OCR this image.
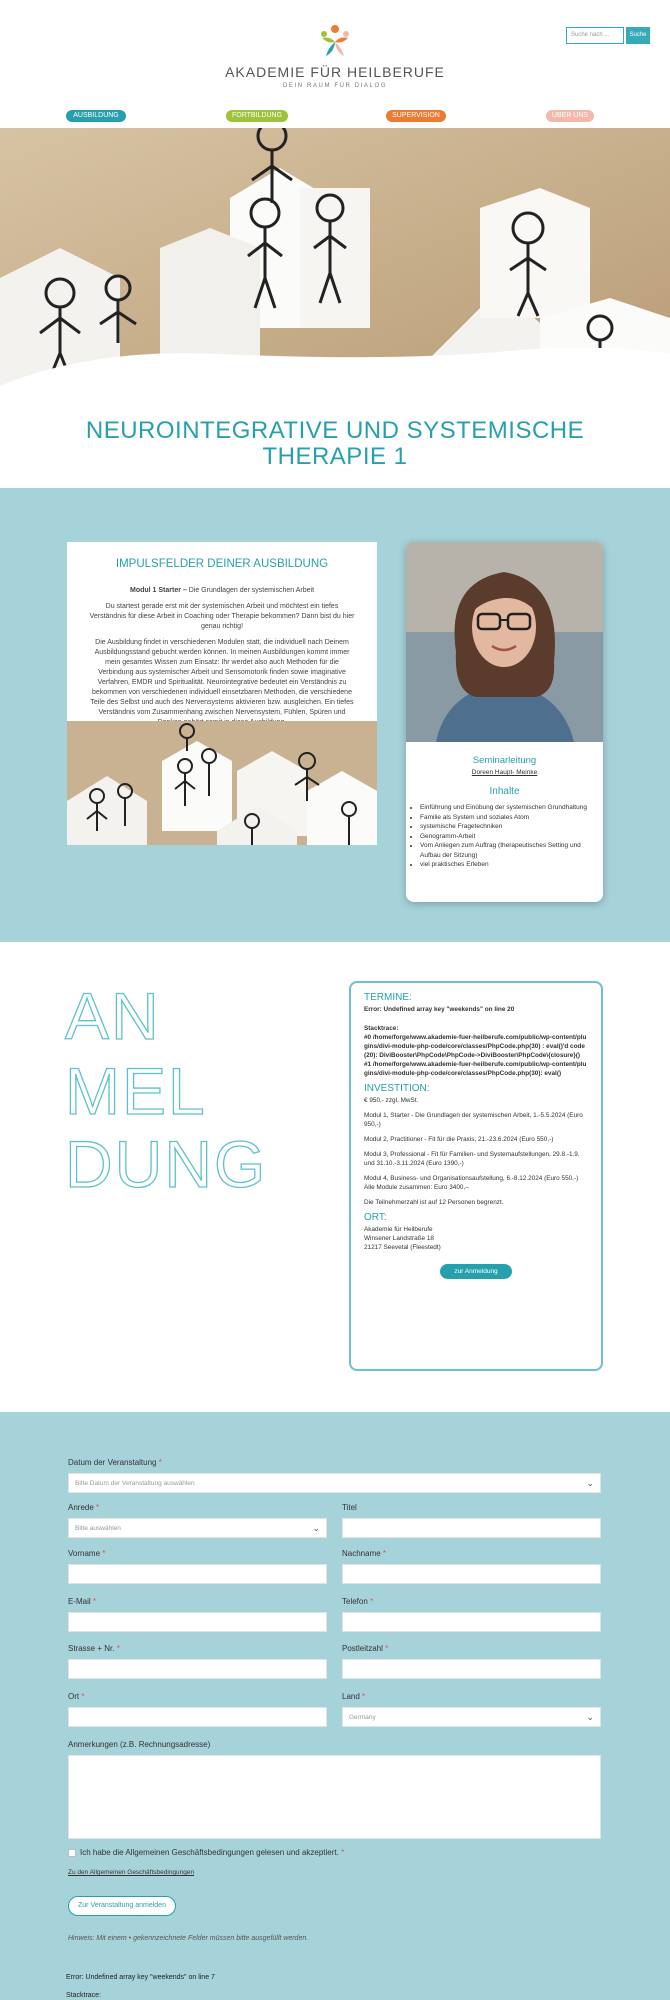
AKADEMIE FÜR HEILBERUFE
DEIN RAUM FÜR DIALOG
Suche nach ...	Suche
AUSBILDUNG	FORTBILDUNG	SUPERVISION	ÜBER UNS
NEUROINTEGRATIVE UND SYSTEMISCHE
THERAPIE 1
IMPULSFELDER DEINER AUSBILDUNG

Modul 1 Starter – Die Grundlagen der systemischen Arbeit

Du startest gerade erst mit der systemischen Arbeit und möchtest ein tiefes Verständnis für diese Arbeit in Coaching oder Therapie bekommen? Dann bist du hier genau richtig!

Die Ausbildung findet in verschiedenen Modulen statt, die individuell nach Deinem Ausbildungsstand gebucht werden können. In meinen Ausbildungen kommt immer mein gesamtes Wissen zum Einsatz: Ihr werdet also auch Methoden für die Verbindung aus systemischer Arbeit und Sensomotorik finden sowie imaginative Verfahren, EMDR und Spiritualität. Neurointegrative bedeutet ein Verständnis zu bekommen von verschiedenen individuell einsetzbaren Methoden, die verschiedene Teile des Selbst und auch des Nervensystems aktivieren bzw. ausgleichen. Ein tiefes Verständnis vom Zusammenhang zwischen Nervensystem, Fühlen, Spüren und

Seminarleitung
Doreen Haupt- Meinke
Inhalte
• Einführung und Einübung der systemischen Grundhaltung
• Familie als System und soziales Atom
• systemische Fragetechniken
• Genogramm-Arbeit
• Vom Anliegen zum Auftrag (therapeutisches Setting und Aufbau der Sitzung)
• viel praktisches Erleben
AN
MEL
DUNG
TERMINE:

Error: Undefined array key "weekends" on line 20

Stacktrace:

#0 /home/forge/www.akademie-fuer-heilberufe.com/public/wp-content/plugins/divi-module-php-code/core/classes/PhpCode.php(30) : eval()'d code(20): DiviBooster\PhpCode\PhpCode->DiviBooster\PhpCode\{closure}()

#1 /home/forge/www.akademie-fuer-heilberufe.com/public/wp-content/plugins/divi-module-php-code/core/classes/PhpCode.php(30): eval()

INVESTITION:

€ 950,- zzgl. MwSt.

Modul 1, Starter - Die Grundlagen der systemischen Arbeit, 1.-5.5.2024 (Euro 950,-)

Modul 2, Practitioner - Fit für die Praxis, 21.-23.6.2024 (Euro 550,-)

Modul 3, Professional - Fit für Familien- und Systemaufstellungen, 29.8.-1.9. und 31.10.-3.11.2024 (Euro 1390,-)

Modul 4, Business- und Organisationsaufstellung, 6.-8.12.2024 (Euro 550,-) Alle Module zusammen: Euro 3400,–

Die Teilnehmerzahl ist auf 12 Personen begrenzt.

ORT:
Akademie für Heilberufe
Winsener Landstraße 18
21217 Seevetal (Fleestedt)
zur Anmeldung
Datum der Veranstaltung *
Bitte Datum der Veranstaltung auswählen	⌄
Anrede *
Bitte auswählen	⌄
Titel
Vorname *	Nachname *
E-Mail *	Telefon *
Strasse + Nr. *	Postleitzahl *
Ort *	Land *
Germany	⌄
Anmerkungen (z.B. Rechnungsadresse)
Ich habe die Allgemeinen Geschäftsbedingungen gelesen und akzeptiert. *
Zu den Allgemeinen Geschäftsbedingungen
Zur Veranstaltung anmelden
Hinweis: Mit einem • gekennzeichnete Felder müssen bitte ausgefüllt werden.
Error: Undefined array key "weekends" on line 7
Stacktrace:
